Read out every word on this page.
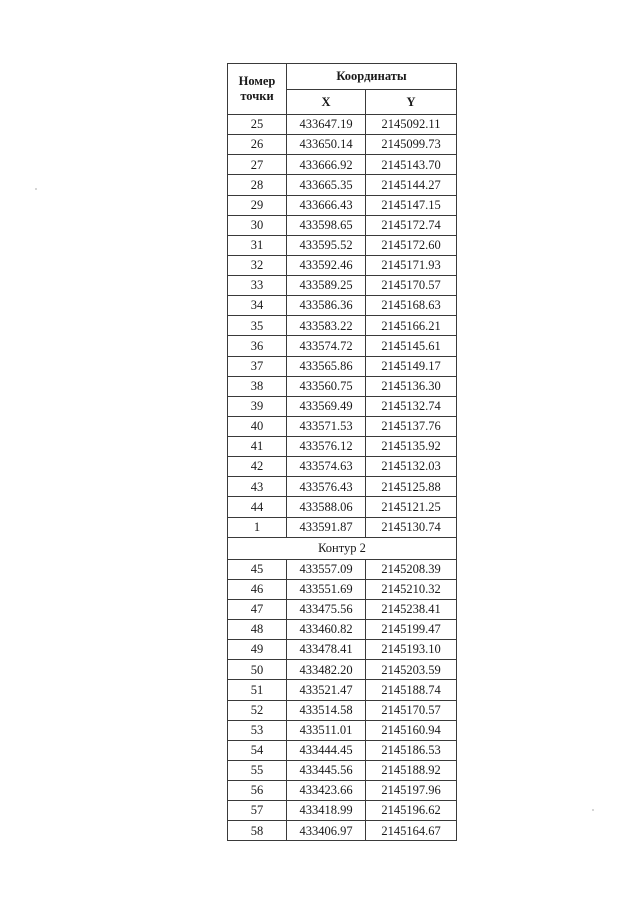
Номер
точки	Координаты	
	X	Y
25	433647.19	2145092.11
26	433650.14	2145099.73
27	433666.92	2145143.70
28	433665.35	2145144.27
29	433666.43	2145147.15
30	433598.65	2145172.74
31	433595.52	2145172.60
32	433592.46	2145171.93
33	433589.25	2145170.57
34	433586.36	2145168.63
35	433583.22	2145166.21
36	433574.72	2145145.61
37	433565.86	2145149.17
38	433560.75	2145136.30
39	433569.49	2145132.74
40	433571.53	2145137.76
41	433576.12	2145135.92
42	433574.63	2145132.03
43	433576.43	2145125.88
44	433588.06	2145121.25
1	433591.87	2145130.74
Контур 2		
45	433557.09	2145208.39
46	433551.69	2145210.32
47	433475.56	2145238.41
48	433460.82	2145199.47
49	433478.41	2145193.10
50	433482.20	2145203.59
51	433521.47	2145188.74
52	433514.58	2145170.57
53	433511.01	2145160.94
54	433444.45	2145186.53
55	433445.56	2145188.92
56	433423.66	2145197.96
57	433418.99	2145196.62
58	433406.97	2145164.67
